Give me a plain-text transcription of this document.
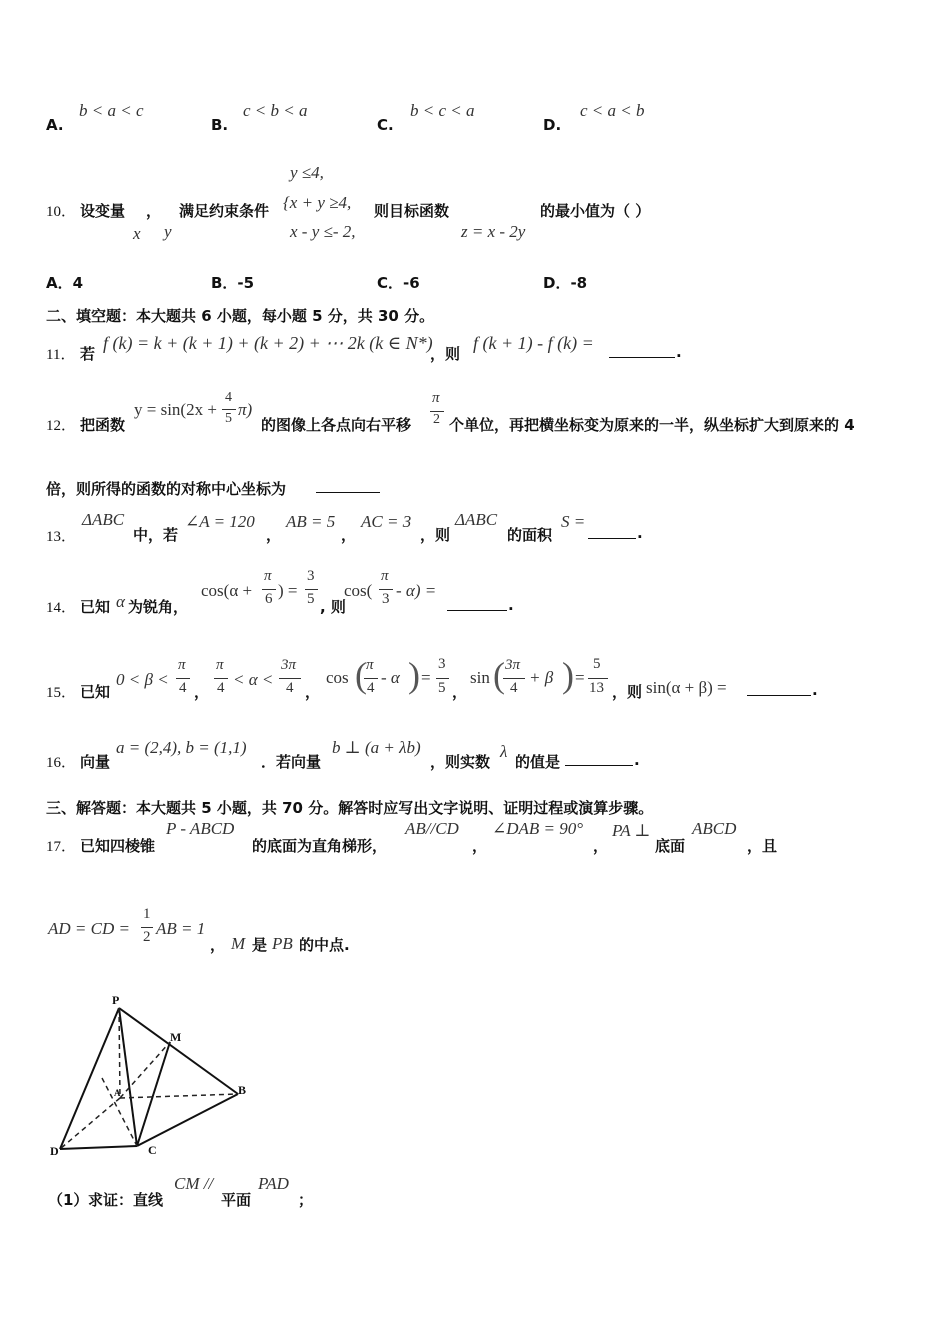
A.
b < a < c
B.
c < b < a
C.
b < c < a
D.
c < a < b
10． 设变量 ， 满足约束条件
x y
y ≤4,
{x + y ≥4,
x - y ≤- 2,
则目标函数
z = x - 2y
的最小值为（ ）
A．4	B．-5	C．-6	D．-8
二、填空题：本大题共 6 小题，每小题 5 分，共 30 分。
11． 若
f (k) = k + (k + 1) + (k + 2) + ⋯ 2k (k ∈ N*)
，则
f (k + 1) - f (k) =	.
12． 把函数
y = sin(2x +
4
5 π)
的图像上各点向右平移
π
2 个单位，再把横坐标变为原来的一半，纵坐标扩大到原来的 4
倍，则所得的函数的对称中心坐标为
13．
ΔABC
中，若
∠A = 120
，
AB = 5
，
AC = 3
，则
ΔABC
的面积
S =
.
14． 已知 α 为锐角，
cos(α +
π
6 ) =
3
5 , 则
cos(
π
3 - α) =
.
15． 已知
0 < β <
π
4 ，
π
4 < α <
3π
4 ，
cos ( π
4
- α ) =
3
5 ，
sin ( 3π
4
+ β ) =
5
13 ，则 sin(α + β) =	.
16． 向量
a = (2,4), b = (1,1)
．若向量
b ⊥ (a + λb)
，则实数
λ
的值是	.
三、解答题：本大题共 5 小题，共 70 分。解答时应写出文字说明、证明过程或演算步骤。
17． 已知四棱锥
P - ABCD
的底面为直角梯形，
AB//CD
，
∠DAB = 90°
，
PA ⊥
底面
ABCD
，且
AD = CD =
1
2 AB = 1
， M 是 PB 的中点.
P
M
A	B
C
D
（1） 求证：直线
CM //
平面
PAD
；
